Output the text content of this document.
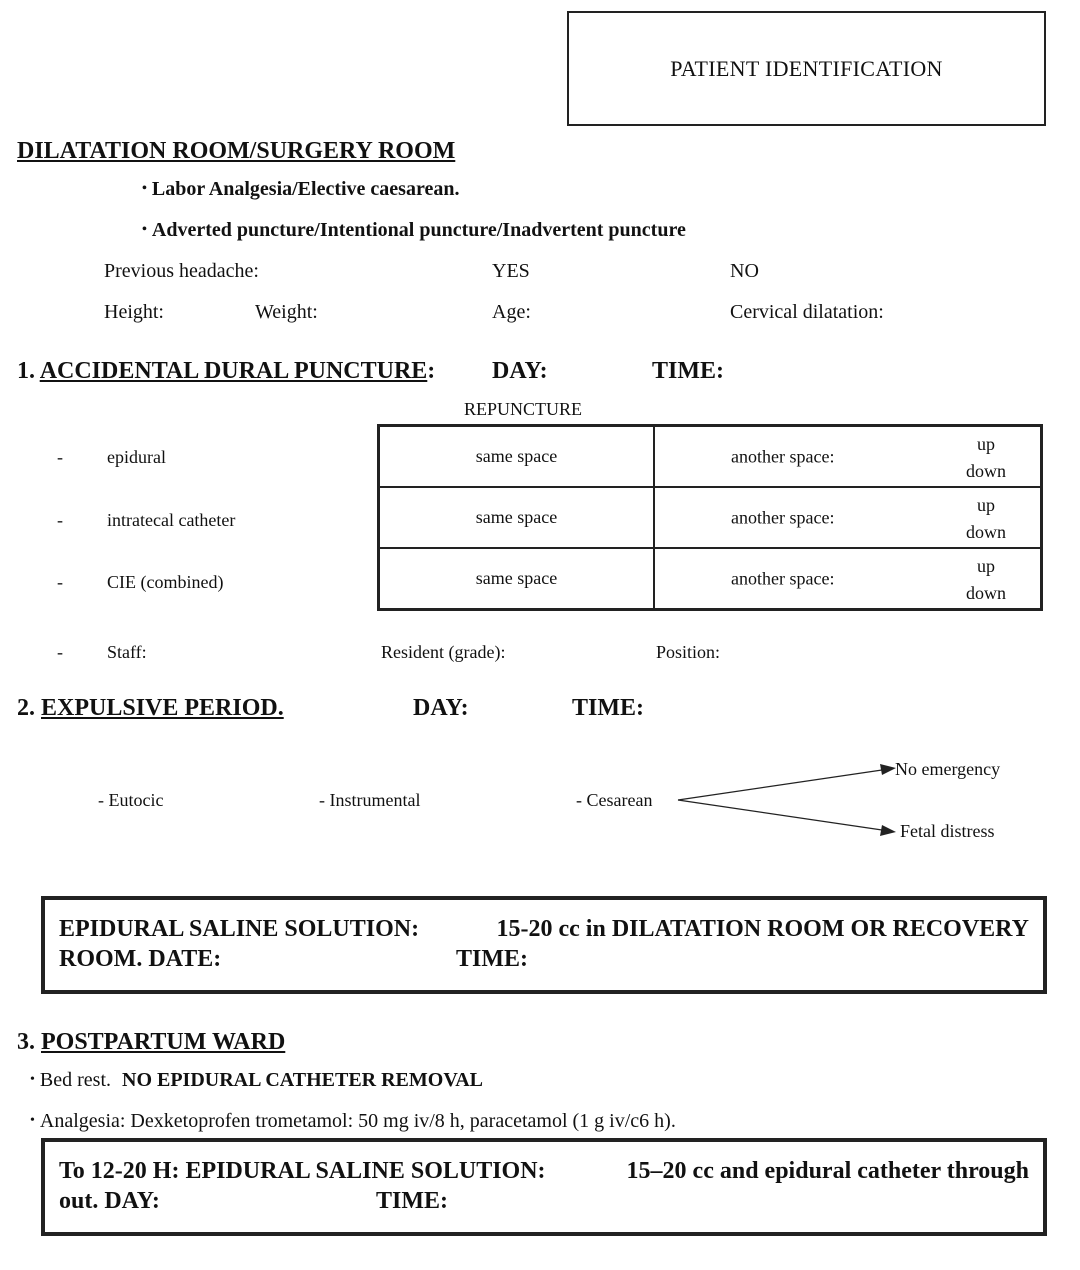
PATIENT IDENTIFICATION
DILATATION ROOM/SURGERY ROOM
• Labor Analgesia/Elective caesarean.
• Adverted puncture/Intentional puncture/Inadvertent puncture
Previous headache:	YES	NO
Height:	Weight:	Age:	Cervical dilatation:
1. ACCIDENTAL DURAL PUNCTURE: DAY:	TIME:
REPUNCTURE
- epidural
- intratecal catheter
- CIE (combined)
same space	another space:
up
down

same space	another space:
up
down

same space	another space:
up
down
- Staff:	Resident (grade):	Position:
2. EXPULSIVE PERIOD.	DAY:	TIME:
- Eutocic	- Instrumental	- Cesarean
No emergency
Fetal distress
EPIDURAL SALINE SOLUTION:	15-20 cc in DILATATION ROOM OR RECOVERY
ROOM. DATE:	TIME:
3. POSTPARTUM WARD
• Bed rest. NO EPIDURAL CATHETER REMOVAL
• Analgesia: Dexketoprofen trometamol: 50 mg iv/8 h, paracetamol (1 g iv/c6 h).
To 12-20 H: EPIDURAL SALINE SOLUTION:	15–20 cc and epidural catheter through
out. DAY:	TIME:
